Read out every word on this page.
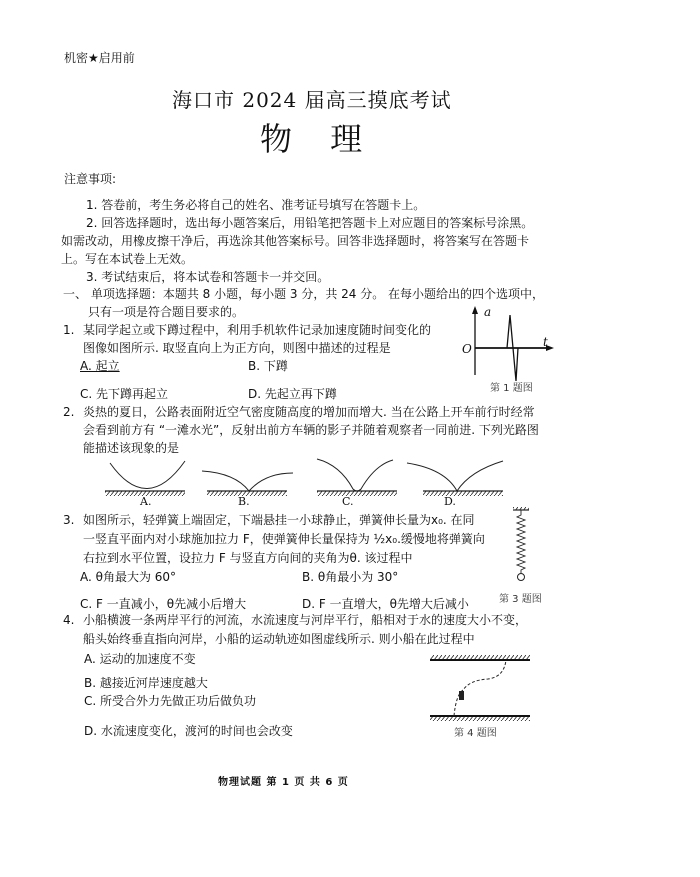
机密★启用前
海口市 2024 届高三摸底考试
物 理
注意事项:
1. 答卷前，考生务必将自己的姓名、准考证号填写在答题卡上。
2. 回答选择题时，选出每小题答案后，用铅笔把答题卡上对应题目的答案标号涂黑。
如需改动，用橡皮擦干净后，再选涂其他答案标号。回答非选择题时，将答案写在答题卡
上。写在本试卷上无效。
3. 考试结束后，将本试卷和答题卡一并交回。
一、 单项选择题：本题共 8 小题，每小题 3 分，共 24 分。 在每小题给出的四个选项中，
只有一项是符合题目要求的。
1. 某同学起立或下蹲过程中，利用手机软件记录加速度随时间变化的
图像如图所示. 取竖直向上为正方向，则图中描述的过程是
A. 起立	B. 下蹲
C. 先下蹲再起立	D. 先起立再下蹲
a
t
O
第 1 题图
2. 炎热的夏日，公路表面附近空气密度随高度的增加而增大. 当在公路上开车前行时经常
会看到前方有 “一滩水光”，反射出前方车辆的影子并随着观察者一同前进. 下列光路图
能描述该现象的是
A.	B.	C.	D.
3. 如图所示，轻弹簧上端固定，下端悬挂一小球静止，弹簧伸长量为x₀. 在同
一竖直平面内对小球施加拉力 F，使弹簧伸长量保持为 ½x₀.缓慢地将弹簧向
右拉到水平位置，设拉力 F 与竖直方向间的夹角为θ. 该过程中
A. θ角最大为 60°	B. θ角最小为 30°
C. F 一直减小，θ先减小后增大	D. F 一直增大，θ先增大后减小	第 3 题图
4. 小船横渡一条两岸平行的河流，水流速度与河岸平行，船相对于水的速度大小不变，
船头始终垂直指向河岸，小船的运动轨迹如图虚线所示. 则小船在此过程中
A. 运动的加速度不变
B. 越接近河岸速度越大
C. 所受合外力先做正功后做负功
D. 水流速度变化，渡河的时间也会改变	第 4 题图
物理试题 第 1 页 共 6 页
